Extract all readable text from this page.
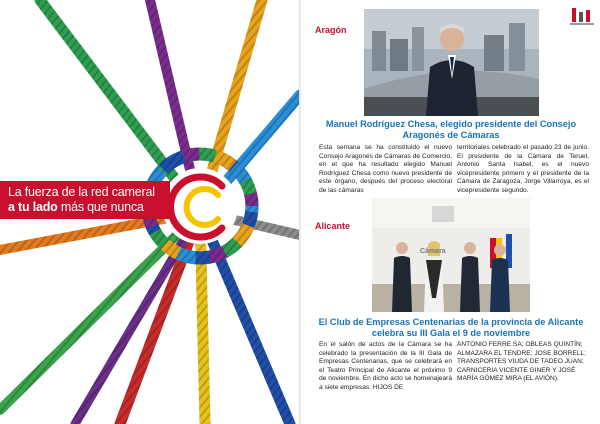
La fuerza de la red cameral
a tu lado más que nunca
Aragón
Manuel Rodríguez Chesa, elegido presidente del Consejo Aragonés de Cámaras
Esta semana se ha constituido el nuevo Consejo Aragonés de Cámaras de Comercio, en el que ha resultado elegido Manuel Rodríguez Chesa como nuevo presidente de este órgano, después del proceso electoral de las cámaras
territoriales celebrado el pasado 23 de junio. El presidente de la Cámara de Teruel, Antonio Santa Isabel, es el nuevo vicepresidente primero y el presidente de la Cámara de Zaragoza, Jorge Villarroya, es el vicepresidente segundo.
Alicante
Cámara
El Club de Empresas Centenarias de la provincia de Alicante celebra su III Gala el 9 de noviembre
En el salón de actos de la Cámara se ha celebrado la presentación de la III Gala de Empresas Centenarias, que se celebrará en el Teatro Principal de Alicante el próximo 9 de noviembre. En dicho acto se homenajeará a siete empresas: HIJOS DE
ANTONIO FERRE SA; OBLEAS QUINTÍN; ALMAZARA EL TENDRE; JOSE BORRELL; TRANSPORTES VIUDA DE TADEO JUAN; CARNICERIA VICENTE GINER Y JOSÉ MARÍA GÓMEZ MIRA (EL AVIÓN).
